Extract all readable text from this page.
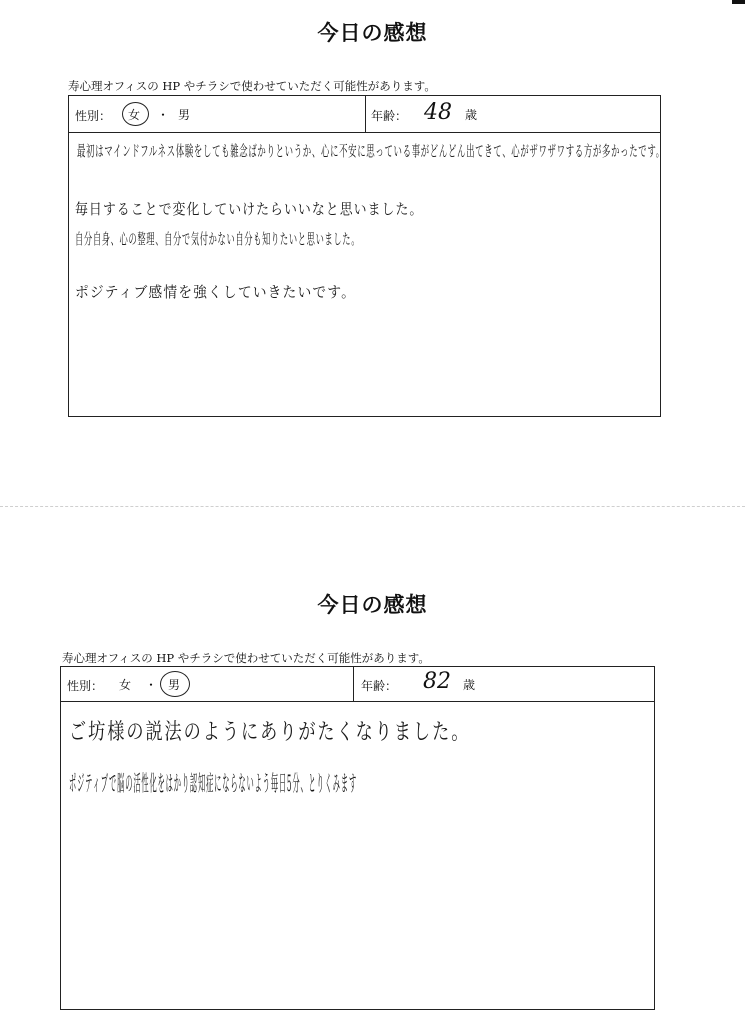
今日の感想
寿心理オフィスの HP やチラシで使わせていただく可能性があります。
性別： 女 ・ 男	年齢： 48 歳
最初はマインドフルネス体験をしても雑念ばかりというか、心に不安に思っている事がどんどん出てきて、心がザワザワする方が多かったです。
毎日することで変化していけたらいいなと思いました。
自分自身、心の整理、自分で気付かない自分も知りたいと思いました。
ポジティブ感情を強くしていきたいです。
今日の感想
寿心理オフィスの HP やチラシで使わせていただく可能性があります。
性別： 女 ・ 男	年齢： 82 歳
ご坊様の説法のようにありがたくなりました。
ポジティブで脳の活性化をはかり認知症にならないよう毎日5分、とりくみます
